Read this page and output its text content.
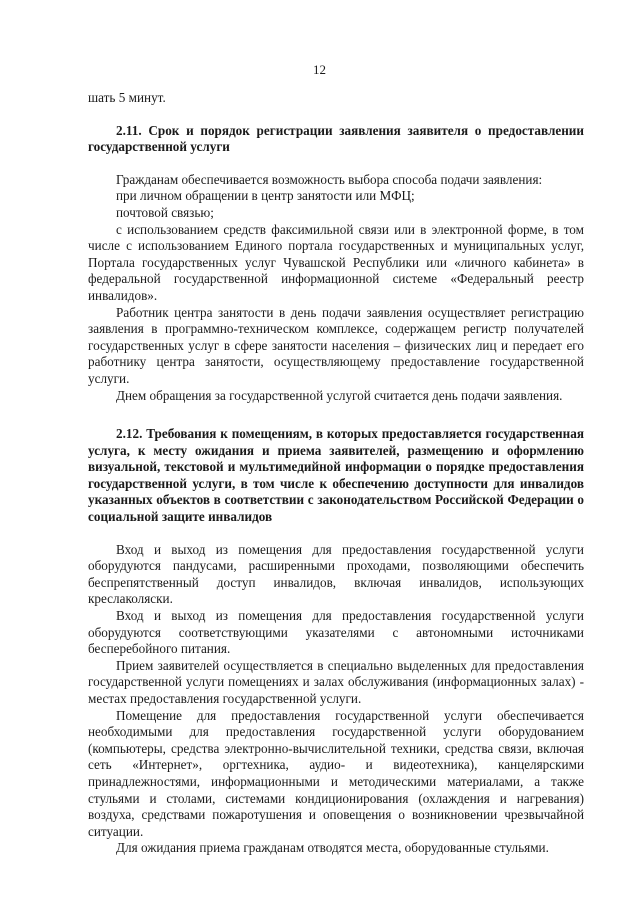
12

шать 5 минут.

2.11. Срок и порядок регистрации заявления заявителя о предоставлении государственной услуги

Гражданам обеспечивается возможность выбора способа подачи заявления:

при личном обращении в центр занятости или МФЦ;

почтовой связью;

с использованием средств факсимильной связи или в электронной форме, в том числе с использованием Единого портала государственных и муниципальных услуг, Портала государственных услуг Чувашской Республики или «личного кабинета» в федеральной государственной информационной системе «Федеральный реестр инвалидов».

Работник центра занятости в день подачи заявления осуществляет регистрацию заявления в программно-техническом комплексе, содержащем регистр получателей государственных услуг в сфере занятости населения – физических лиц и передает его работнику центра занятости, осуществляющему предоставление государственной услуги.

Днем обращения за государственной услугой считается день подачи заявления.

2.12. Требования к помещениям, в которых предоставляется государственная услуга, к месту ожидания и приема заявителей, размещению и оформлению визуальной, текстовой и мультимедийной информации о порядке предоставления государственной услуги, в том числе к обеспечению доступности для инвалидов указанных объектов в соответствии с законодательством Российской Федерации о социальной защите инвалидов

Вход и выход из помещения для предоставления государственной услуги оборудуются пандусами, расширенными проходами, позволяющими обеспечить беспрепятственный доступ инвалидов, включая инвалидов, использующих креслаколяски.

Вход и выход из помещения для предоставления государственной услуги оборудуются соответствующими указателями с автономными источниками бесперебойного питания.

Прием заявителей осуществляется в специально выделенных для предоставления государственной услуги помещениях и залах обслуживания (информационных залах) - местах предоставления государственной услуги.

Помещение для предоставления государственной услуги обеспечивается необходимыми для предоставления государственной услуги оборудованием (компьютеры, средства электронно-вычислительной техники, средства связи, включая сеть «Интернет», оргтехника, аудио- и видеотехника), канцелярскими принадлежностями, информационными и методическими материалами, а также стульями и столами, системами кондиционирования (охлаждения и нагревания) воздуха, средствами пожаротушения и оповещения о возникновении чрезвычайной ситуации.

Для ожидания приема гражданам отводятся места, оборудованные стульями.
